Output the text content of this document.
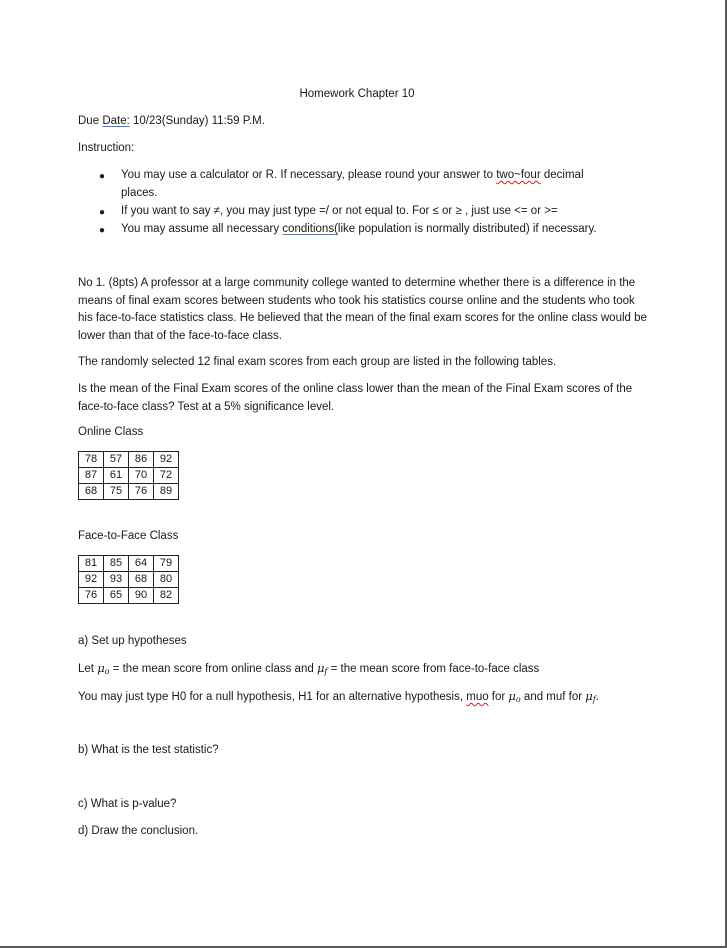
Homework Chapter 10
Due Date: 10/23(Sunday) 11:59 P.M.
Instruction:
● You may use a calculator or R. If necessary, please round your answer to two~four decimal places.
● If you want to say ≠, you may just type =/ or not equal to. For ≤ or ≥ , just use <= or >=
● You may assume all necessary conditions(like population is normally distributed) if necessary.
No 1. (8pts) A professor at a large community college wanted to determine whether there is a difference in the means of final exam scores between students who took his statistics course online and the students who took his face-to-face statistics class. He believed that the mean of the final exam scores for the online class would be lower than that of the face-to-face class.
The randomly selected 12 final exam scores from each group are listed in the following tables.
Is the mean of the Final Exam scores of the online class lower than the mean of the Final Exam scores of the face-to-face class? Test at a 5% significance level.
Online Class
78	57	86	92
87	61	70	72
68	75	76	89
Face-to-Face Class
81	85	64	79
92	93	68	80
76	65	90	82
a) Set up hypotheses
Let $\mu_o$ = the mean score from online class and $\mu_f$ = the mean score from face-to-face class
You may just type H0 for a null hypothesis, H1 for an alternative hypothesis, muo for $\mu_o$ and muf for $\mu_f$.
b) What is the test statistic?
c) What is p-value?
d) Draw the conclusion.
